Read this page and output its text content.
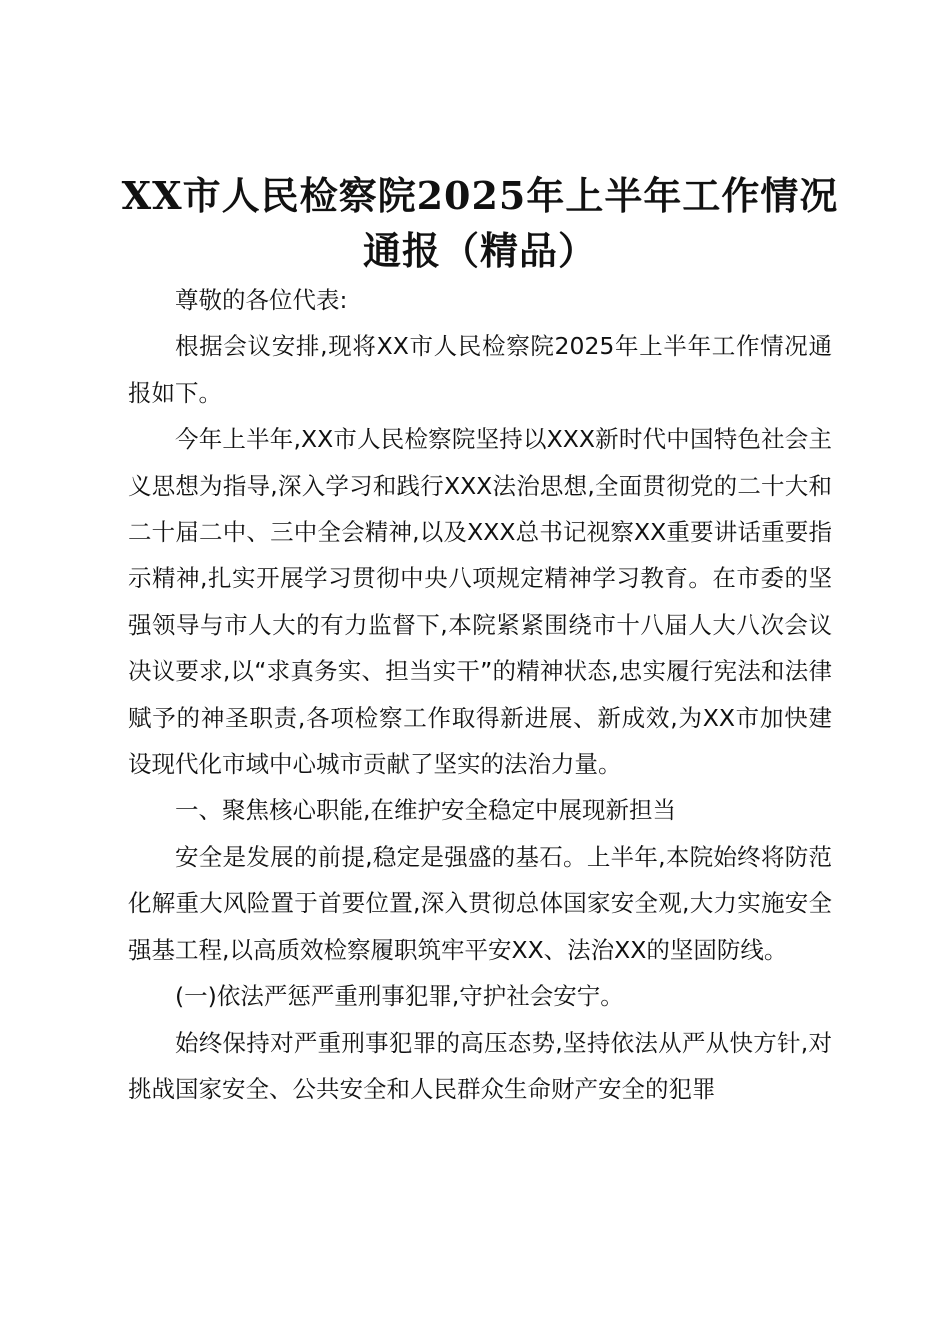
XX市人民检察院2025年上半年工作情况通报（精品）

尊敬的各位代表:

根据会议安排,现将XX市人民检察院2025年上半年工作情况通报如下。

今年上半年,XX市人民检察院坚持以XXX新时代中国特色社会主义思想为指导,深入学习和践行XXX法治思想,全面贯彻党的二十大和二十届二中、三中全会精神,以及XXX总书记视察XX重要讲话重要指示精神,扎实开展学习贯彻中央八项规定精神学习教育。在市委的坚强领导与市人大的有力监督下,本院紧紧围绕市十八届人大八次会议决议要求,以“求真务实、担当实干”的精神状态,忠实履行宪法和法律赋予的神圣职责,各项检察工作取得新进展、新成效,为XX市加快建设现代化市域中心城市贡献了坚实的法治力量。

一、聚焦核心职能,在维护安全稳定中展现新担当

安全是发展的前提,稳定是强盛的基石。上半年,本院始终将防范化解重大风险置于首要位置,深入贯彻总体国家安全观,大力实施安全强基工程,以高质效检察履职筑牢平安XX、法治XX的坚固防线。

(一)依法严惩严重刑事犯罪,守护社会安宁。

始终保持对严重刑事犯罪的高压态势,坚持依法从严从快方针,对挑战国家安全、公共安全和人民群众生命财产安全的犯罪
